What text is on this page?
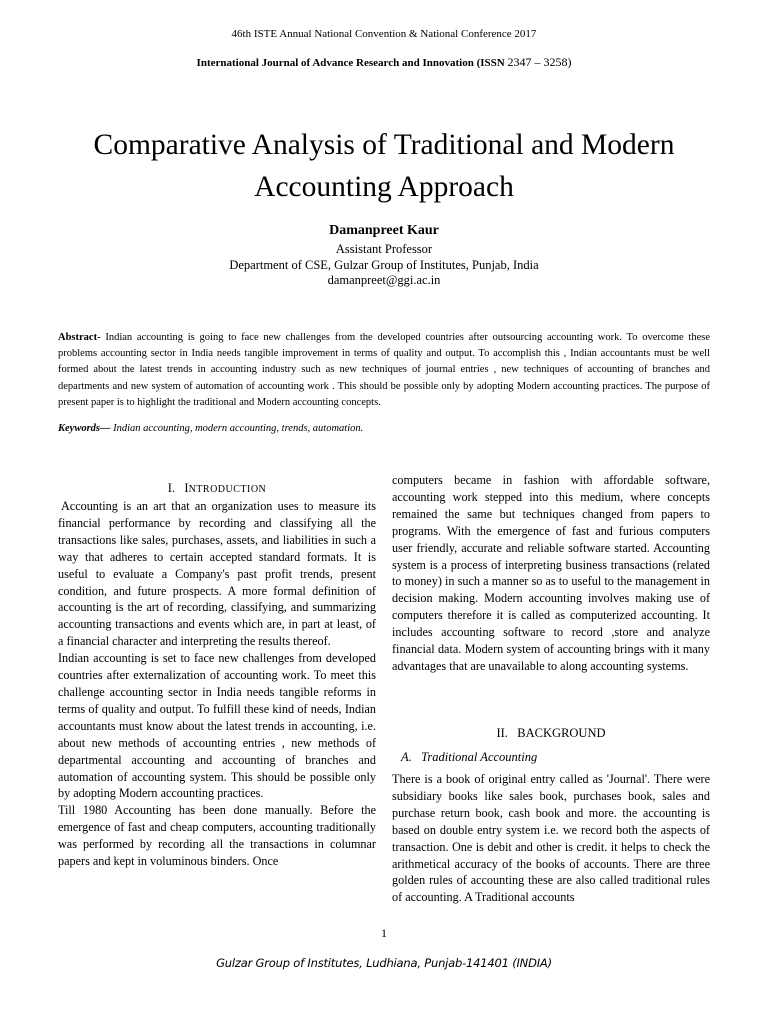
46th ISTE Annual National Convention & National Conference 2017
International Journal of Advance Research and Innovation (ISSN 2347 – 3258)
Comparative Analysis of Traditional and Modern
Accounting Approach
Damanpreet Kaur
Assistant Professor
Department of CSE, Gulzar Group of Institutes, Punjab, India
damanpreet@ggi.ac.in
Abstract- Indian accounting is going to face new challenges from the developed countries after outsourcing accounting work. To overcome these problems accounting sector in India needs tangible improvement in terms of quality and output. To accomplish this , Indian accountants must be well formed about the latest trends in accounting industry such as new techniques of journal entries , new techniques of accounting of branches and departments and new system of automation of accounting work . This should be possible only by adopting Modern accounting practices. The purpose of present paper is to highlight the traditional and Modern accounting concepts.
Keywords— Indian accounting, modern accounting, trends, automation.
I. INTRODUCTION

Accounting is an art that an organization uses to measure its financial performance by recording and classifying all the transactions like sales, purchases, assets, and liabilities in such a way that adheres to certain accepted standard formats. It is useful to evaluate a Company's past profit trends, present condition, and future prospects. A more formal definition of accounting is the art of recording, classifying, and summarizing accounting transactions and events which are, in part at least, of a financial character and interpreting the results thereof.

Indian accounting is set to face new challenges from developed countries after externalization of accounting work. To meet this challenge accounting sector in India needs tangible reforms in terms of quality and output. To fulfill these kind of needs, Indian accountants must know about the latest trends in accounting, i.e. about new methods of accounting entries , new methods of departmental accounting and accounting of branches and automation of accounting system. This should be possible only by adopting Modern accounting practices.

Till 1980 Accounting has been done manually. Before the emergence of fast and cheap computers, accounting traditionally was performed by recording all the transactions in columnar papers and kept in voluminous binders. Once

computers became in fashion with affordable software, accounting work stepped into this medium, where concepts remained the same but techniques changed from papers to programs. With the emergence of fast and furious computers user friendly, accurate and reliable software started. Accounting system is a process of interpreting business transactions (related to money) in such a manner so as to useful to the management in decision making. Modern accounting involves making use of computers therefore it is called as computerized accounting. It includes accounting software to record ,store and analyze financial data. Modern system of accounting brings with it many advantages that are unavailable to along accounting systems.

II.   BACKGROUND
A.   Traditional Accounting

There is a book of original entry called as 'Journal'. There were subsidiary books like sales book, purchases book, sales and purchase return book, cash book and more. the accounting is based on double entry system i.e. we record both the aspects of transaction. One is debit and other is credit. it helps to check the arithmetical accuracy of the books of accounts. There are three golden rules of accounting these are also called traditional rules of accounting. A Traditional accounts

1
Gulzar Group of Institutes, Ludhiana, Punjab-141401 (INDIA)
